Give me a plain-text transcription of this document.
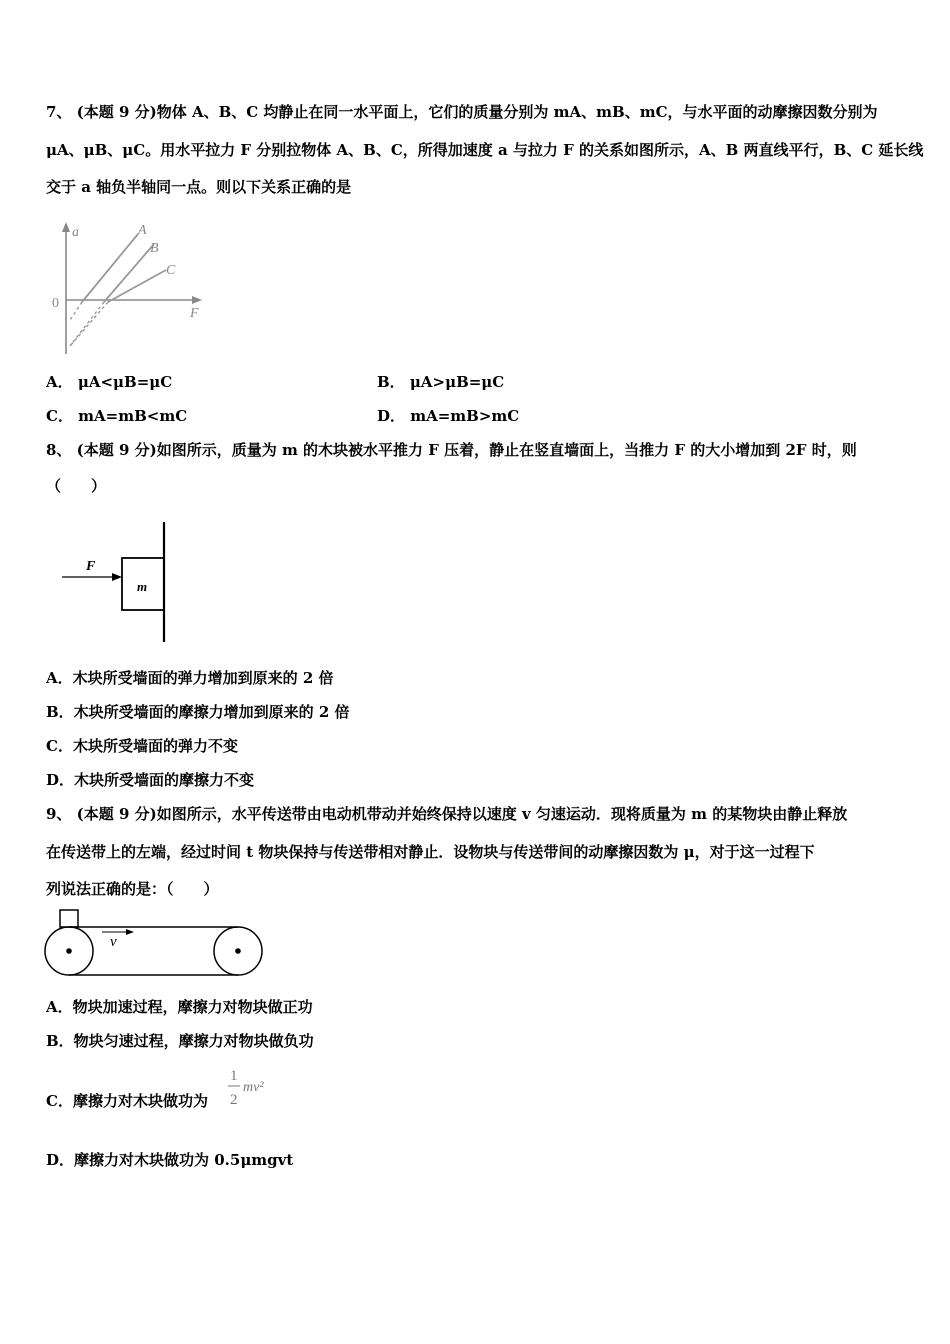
7、 (本题 9 分)物体 A、B、C 均静止在同一水平面上，它们的质量分别为 mA、mB、mC，与水平面的动摩擦因数分别为
μA、μB、μC。用水平拉力 F 分别拉物体 A、B、C，所得加速度 a 与拉力 F 的关系如图所示，A、B 两直线平行，B、C 延长线
交于 a 轴负半轴同一点。则以下关系正确的是
a
F
0
A
B
C
A． μA<μB=μC	B． μA>μB=μC
C． mA=mB<mC	D． mA=mB>mC
8、 (本题 9 分)如图所示，质量为 m 的木块被水平推力 F 压着，静止在竖直墙面上，当推力 F 的大小增加到 2F 时，则
（　　）
F
m
A．木块所受墙面的弹力增加到原来的 2 倍
B．木块所受墙面的摩擦力增加到原来的 2 倍
C．木块所受墙面的弹力不变
D．木块所受墙面的摩擦力不变
9、 (本题 9 分)如图所示，水平传送带由电动机带动并始终保持以速度 v 匀速运动．现将质量为 m 的某物块由静止释放
在传送带上的左端，经过时间 t 物块保持与传送带相对静止．设物块与传送带间的动摩擦因数为 μ，对于这一过程下
列说法正确的是：（　　）
v
A．物块加速过程，摩擦力对物块做正功
B．物块匀速过程，摩擦力对物块做负功
C．摩擦力对木块做功为
1
2
mv²
D．摩擦力对木块做功为 0.5μmgvt
